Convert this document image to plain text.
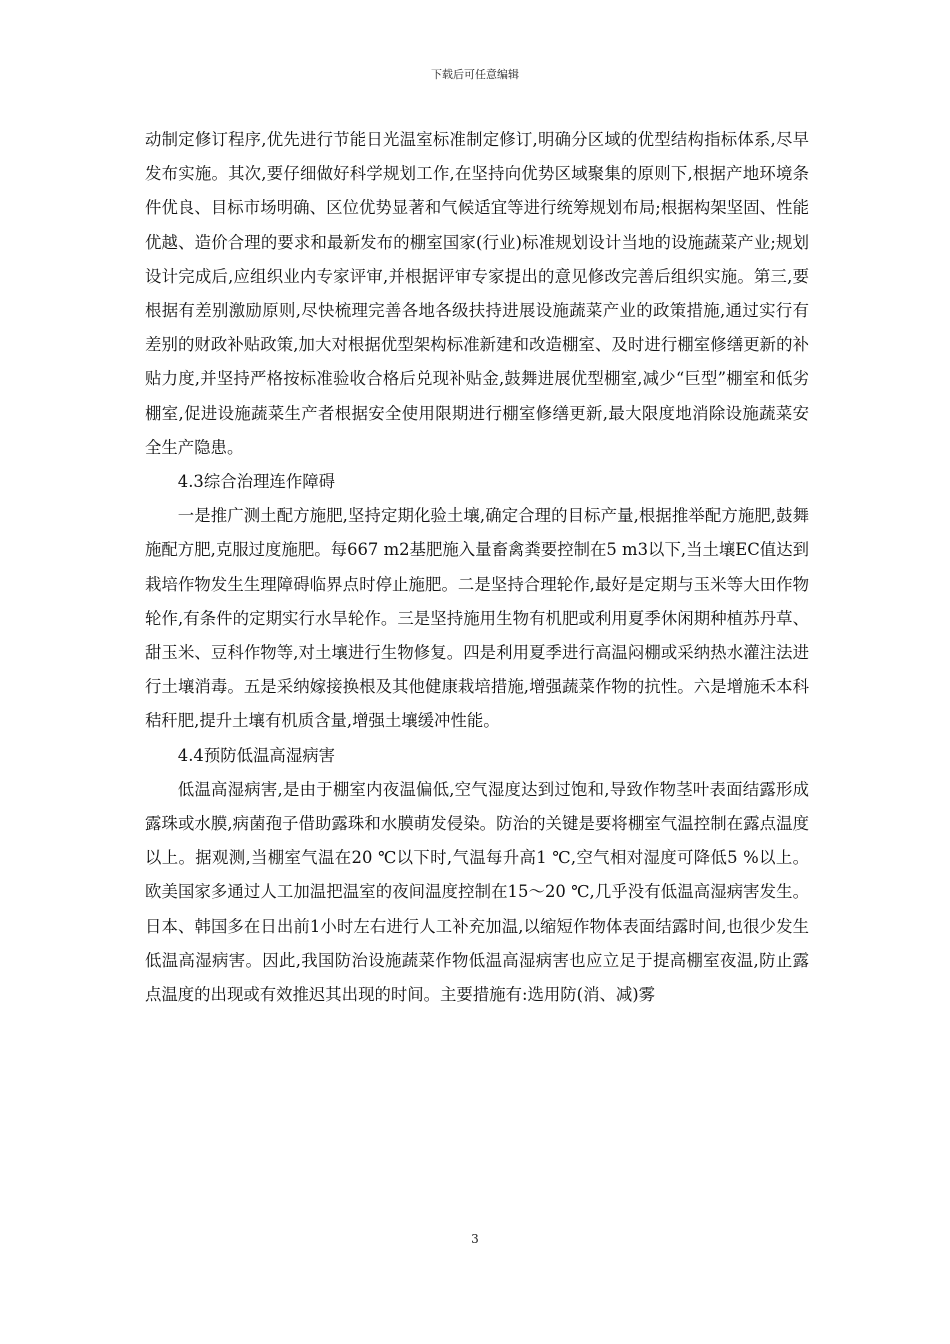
下载后可任意编辑

动制定修订程序,优先进行节能日光温室标准制定修订,明确分区域的优型结构指标体系,尽早发布实施。其次,要仔细做好科学规划工作,在坚持向优势区域聚集的原则下,根据产地环境条件优良、目标市场明确、区位优势显著和气候适宜等进行统筹规划布局;根据构架坚固、性能优越、造价合理的要求和最新发布的棚室国家(行业)标准规划设计当地的设施蔬菜产业;规划设计完成后,应组织业内专家评审,并根据评审专家提出的意见修改完善后组织实施。第三,要根据有差别激励原则,尽快梳理完善各地各级扶持进展设施蔬菜产业的政策措施,通过实行有差别的财政补贴政策,加大对根据优型架构标准新建和改造棚室、及时进行棚室修缮更新的补贴力度,并坚持严格按标准验收合格后兑现补贴金,鼓舞进展优型棚室,减少“巨型”棚室和低劣棚室,促进设施蔬菜生产者根据安全使用限期进行棚室修缮更新,最大限度地消除设施蔬菜安全生产隐患。

4.3综合治理连作障碍

一是推广测土配方施肥,坚持定期化验土壤,确定合理的目标产量,根据推举配方施肥,鼓舞施配方肥,克服过度施肥。每667 m2基肥施入量畜禽粪要控制在5 m3以下,当土壤EC值达到栽培作物发生生理障碍临界点时停止施肥。二是坚持合理轮作,最好是定期与玉米等大田作物轮作,有条件的定期实行水旱轮作。三是坚持施用生物有机肥或利用夏季休闲期种植苏丹草、甜玉米、豆科作物等,对土壤进行生物修复。四是利用夏季进行高温闷棚或采纳热水灌注法进行土壤消毒。五是采纳嫁接换根及其他健康栽培措施,增强蔬菜作物的抗性。六是增施禾本科秸秆肥,提升土壤有机质含量,增强土壤缓冲性能。

4.4预防低温高湿病害

低温高湿病害,是由于棚室内夜温偏低,空气湿度达到过饱和,导致作物茎叶表面结露形成露珠或水膜,病菌孢子借助露珠和水膜萌发侵染。防治的关键是要将棚室气温控制在露点温度以上。据观测,当棚室气温在20 ℃以下时,气温每升高1 ℃,空气相对湿度可降低5 %以上。欧美国家多通过人工加温把温室的夜间温度控制在15～20 ℃,几乎没有低温高湿病害发生。日本、韩国多在日出前1小时左右进行人工补充加温,以缩短作物体表面结露时间,也很少发生低温高湿病害。因此,我国防治设施蔬菜作物低温高湿病害也应立足于提高棚室夜温,防止露点温度的出现或有效推迟其出现的时间。主要措施有:选用防(消、减)雾

3
